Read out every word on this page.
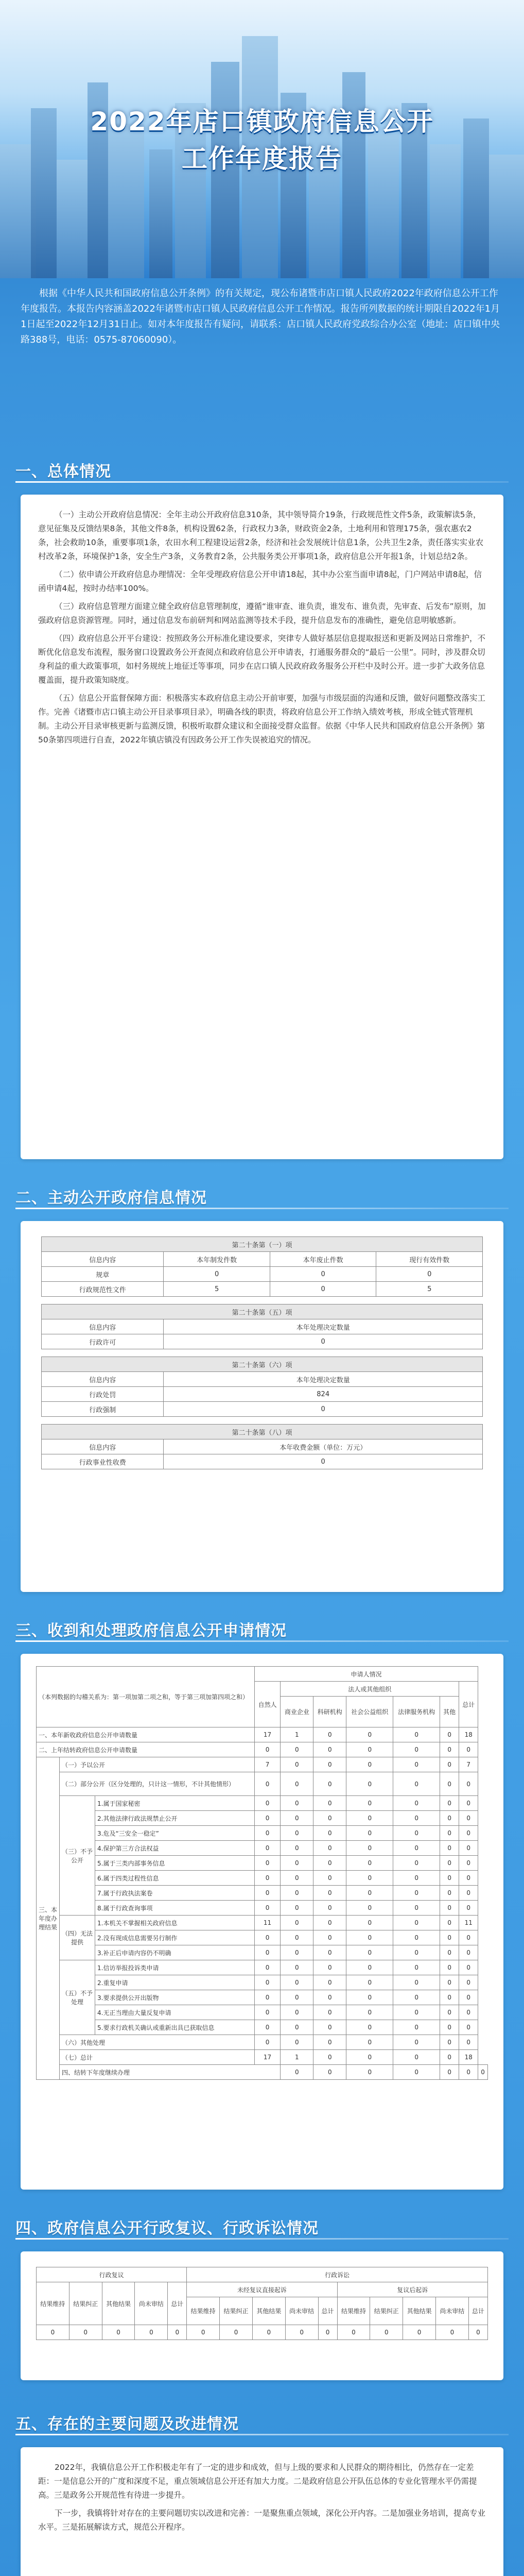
2022年店口镇政府信息公开
工作年度报告
根据《中华人民共和国政府信息公开条例》的有关规定，现公布诸暨市店口镇人民政府2022年政府信息公开工作年度报告。本报告内容涵盖2022年诸暨市店口镇人民政府信息公开工作情况。报告所列数据的统计期限自2022年1月1日起至2022年12月31日止。如对本年度报告有疑问，请联系：店口镇人民政府党政综合办公室（地址：店口镇中央路388号，电话：0575-87060090）。
一、总体情况

（一）主动公开政府信息情况：全年主动公开政府信息310条，其中领导简介19条，行政规范性文件5条，政策解读5条，意见征集及反馈结果8条，其他文件8条，机构设置62条，行政权力3条，财政资金2条，土地利用和管理175条，强农惠农2条，社会救助10条，重要事项1条，农田水利工程建设运营2条，经济和社会发展统计信息1条，公共卫生2条，责任落实实业农村改革2条，环境保护1条，安全生产3条，义务教育2条，公共服务类公开事项1条，政府信息公开年报1条，计划总结2条。

（二）依申请公开政府信息办理情况：全年受理政府信息公开申请18起，其中办公室当面申请8起，门户网站申请8起，信函申请4起，按时办结率100%。

（三）政府信息管理方面建立健全政府信息管理制度，遵循“谁审查、谁负责，谁发布、谁负责，先审查、后发布”原则，加强政府信息资源管理。同时，通过信息发布前研判和网站监测等技术手段，提升信息发布的准确性，避免信息明敏感新。

（四）政府信息公开平台建设：按照政务公开标准化建设要求，突律专人做好基层信息提取报送和更新及网站日常维护，不断优化信息发布流程，服务窗口设置政务公开查阅点和政府信息公开申请表，打通服务群众的“最后一公里”。同时，涉及群众切身利益的重大政策事项，如村务规统上地征迁等事项，同步在店口镇人民政府政务服务公开栏中及时公开。进一步扩大政务信息覆盖面，提升政策知晓度。

（五）信息公开监督保障方面：积极落实本政府信息主动公开前审要，加强与市级层面的沟通和反馈，做好问题整改落实工作。完善《诸暨市店口镇主动公开目录事项目录》，明确各线的职责，将政府信息公开工作纳入绩效考核，形成全链式管理机制。主动公开目录审核更新与监测反馈，积极听取群众建议和全面接受群众监督。依据《中华人民共和国政府信息公开条例》第50条第四项进行自查，2022年镇店镇没有因政务公开工作失误被追究的情况。

二、主动公开政府信息情况
第二十条第（一）项			
信息内容	本年制发件数	本年废止件数	现行有效件数
规章	0	0	0
行政规范性文件	5	0	5

第二十条第（五）项			
信息内容	本年处理决定数量		
行政许可	0		

第二十条第（六）项			
信息内容	本年处理决定数量		
行政处罚	824		
行政强制	0		

第二十条第（八）项			
信息内容	本年收费金额（单位：万元）		
行政事业性收费	0		
三、收到和处理政府信息公开申请情况
（本列数据的勾稽关系为：第一项加第二项之和，等于第三项加第四项之和）			申请人情况							
			自然人	法人或其他组织					总计	
				商业企业	科研机构	社会公益组织	法律服务机构	其他		
一、本年新收政府信息公开申请数量			17	1	0	0	0	0	18	
二、上年结转政府信息公开申请数量			0	0	0	0	0	0	0	
三、本年度办理结果	（一）予以公开		7	0	0	0	0	0	7	
	（二）部分公开（区分处理的，只计这一情形，不计其他情形）		0	0	0	0	0	0	0	
	（三）不予公开	1.属于国家秘密	0	0	0	0	0	0	0	
		2.其他法律行政法规禁止公开	0	0	0	0	0	0	0	
		3.危及“三安全一稳定”	0	0	0	0	0	0	0	
		4.保护第三方合法权益	0	0	0	0	0	0	0	
		5.属于三类内部事务信息	0	0	0	0	0	0	0	
		6.属于四类过程性信息	0	0	0	0	0	0	0	
		7.属于行政执法案卷	0	0	0	0	0	0	0	
		8.属于行政查询事项	0	0	0	0	0	0	0	
	（四）无法提供	1.本机关不掌握相关政府信息	11	0	0	0	0	0	11	
		2.没有现成信息需要另行制作	0	0	0	0	0	0	0	
		3.补正后申请内容仍不明确	0	0	0	0	0	0	0	
	（五）不予处理	1.信访举报投诉类申请	0	0	0	0	0	0	0	
		2.重复申请	0	0	0	0	0	0	0	
		3.要求提供公开出版物	0	0	0	0	0	0	0	
		4.无正当理由大量反复申请	0	0	0	0	0	0	0	
		5.要求行政机关确认或重新出具已获取信息	0	0	0	0	0	0	0	
	（六）其他处理		0	0	0	0	0	0	0	
	（七）总计		17	1	0	0	0	0	18	
	四、结转下年度继续办理			0	0	0	0	0	0	0
四、政府信息公开行政复议、行政诉讼情况
行政复议					行政诉讼									
结果维持	结果纠正	其他结果	尚未审结	总计	未经复议直接起诉					复议后起诉				
					结果维持	结果纠正	其他结果	尚未审结	总计	结果维持	结果纠正	其他结果	尚未审结	总计
0	0	0	0	0	0	0	0	0	0	0	0	0	0	0
五、存在的主要问题及改进情况

2022年，我镇信息公开工作积极走年有了一定的进步和成效，但与上级的要求和人民群众的期待相比，仍然存在一定差距：一是信息公开的广度和深度不足，重点领域信息公开还有加大力度。二是政府信息公开队伍总体的专业化管理水平仍需提高。三是政务公开规范性有待进一步提升。

下一步，我镇将针对存在的主要问题切实以改进和完善：一是聚焦重点领域，深化公开内容。二是加强业务培训，提高专业水平。三是拓展解读方式，规范公开程序。
